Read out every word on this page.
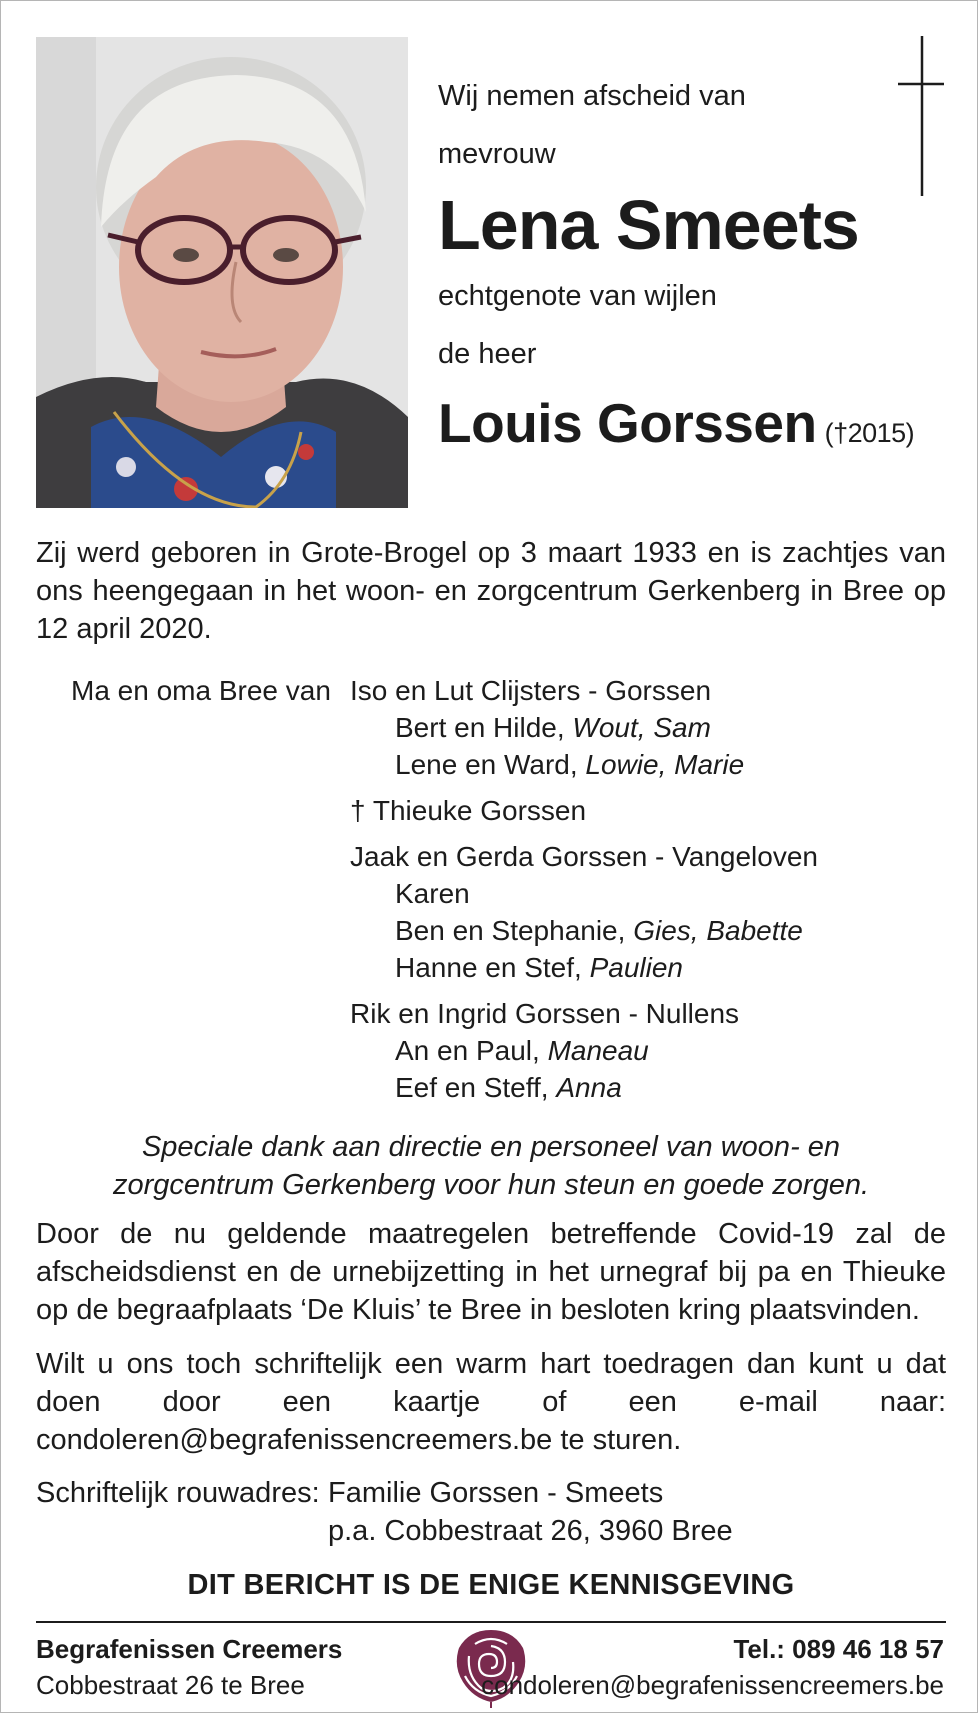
Wij nemen afscheid van
mevrouw
Lena Smeets
echtgenote van wijlen
de heer
Louis Gorssen (†2015)
Zij werd geboren in Grote-Brogel op 3 maart 1933 en is zachtjes van ons heengegaan in het woon- en zorgcentrum Gerkenberg in Bree op 12 april 2020.
Ma en oma Bree van Iso en Lut Clijsters - Gorssen
Bert en Hilde, Wout, Sam
Lene en Ward, Lowie, Marie
† Thieuke Gorssen
Jaak en Gerda Gorssen - Vangeloven
Karen
Ben en Stephanie, Gies, Babette
Hanne en Stef, Paulien
Rik en Ingrid Gorssen - Nullens
An en Paul, Maneau
Eef en Steff, Anna
Speciale dank aan directie en personeel van woon- en
zorgcentrum Gerkenberg voor hun steun en goede zorgen.
Door de nu geldende maatregelen betreffende Covid-19 zal de afscheidsdienst en de urnebijzetting in het urnegraf bij pa en Thieuke op de begraafplaats ‘De Kluis’ te Bree in besloten kring plaatsvinden.
Wilt u ons toch schriftelijk een warm hart toedragen dan kunt u dat doen door een kaartje of een e-mail naar: condoleren@begrafenissencreemers.be te sturen.
Schriftelijk rouwadres: Familie Gorssen - Smeets
p.a. Cobbestraat 26, 3960 Bree
DIT BERICHT IS DE ENIGE KENNISGEVING
Begrafenissen Creemers
Cobbestraat 26 te Bree
Tel.: 089 46 18 57
condoleren@begrafenissencreemers.be
